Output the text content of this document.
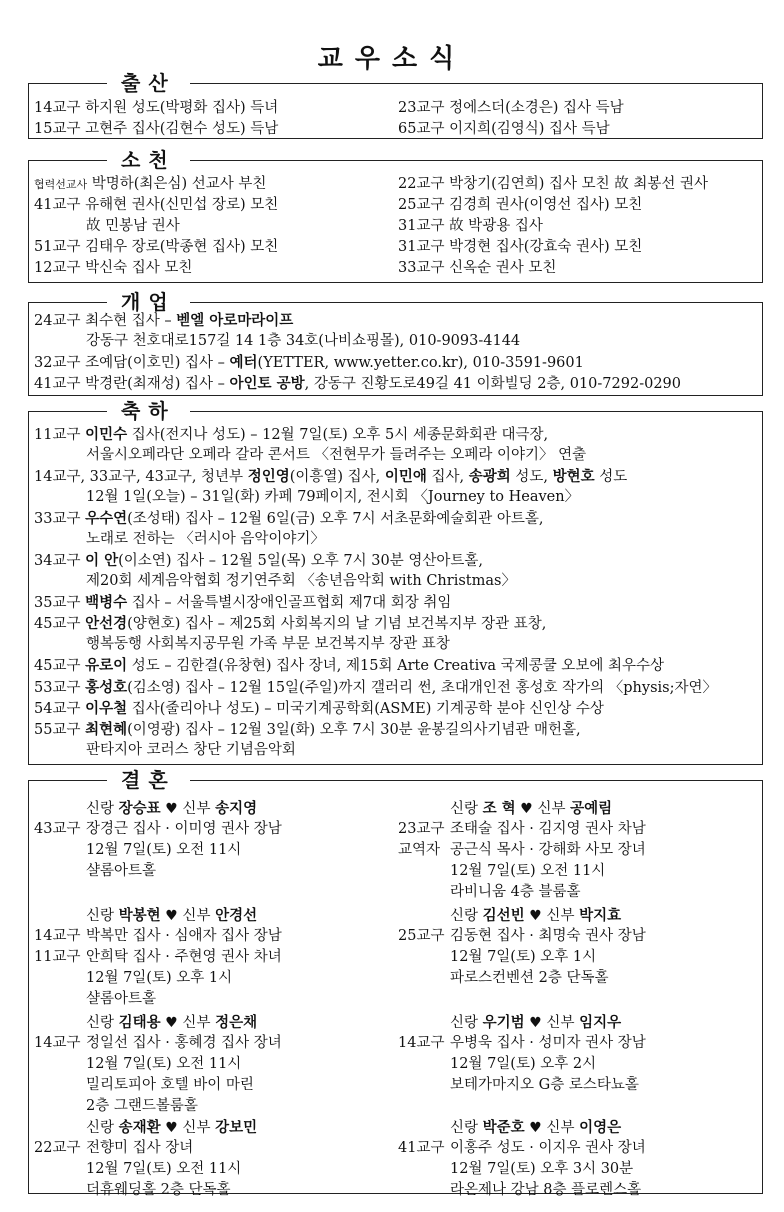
교우소식
출산
14교구 하지원 성도(박평화 집사) 득녀
15교구 고현주 집사(김현수 성도) 득남
23교구 정에스더(소경은) 집사 득남
65교구 이지희(김영식) 집사 득남
소천
협력선교사 박명하(최은심) 선교사 부친
41교구 유해현 권사(신민섭 장로) 모친
故 민봉남 권사
51교구 김태우 장로(박종현 집사) 모친
12교구 박신숙 집사 모친
22교구 박창기(김연희) 집사 모친 故 최봉선 권사
25교구 김경희 권사(이영선 집사) 모친
31교구 故 박광용 집사
31교구 박경현 집사(강효숙 권사) 모친
33교구 신옥순 권사 모친
개업
24교구 최수현 집사 – 벧엘 아로마라이프
강동구 천호대로157길 14 1층 34호(나비쇼핑몰), 010-9093-4144
32교구 조예담(이호민) 집사 – 예터(YETTER, www.yetter.co.kr), 010-3591-9601
41교구 박경란(최재성) 집사 – 아인토 공방, 강동구 진황도로49길 41 이화빌딩 2층, 010-7292-0290
축하
11교구 이민수 집사(전지나 성도) – 12월 7일(토) 오후 5시 세종문화회관 대극장,
서울시오페라단 오페라 갈라 콘서트 〈전현무가 들려주는 오페라 이야기〉 연출
14교구, 33교구, 43교구, 청년부 정인영(이흥열) 집사, 이민애 집사, 송광희 성도, 방현호 성도
12월 1일(오늘) – 31일(화) 카페 79페이지, 전시회 〈Journey to Heaven〉
33교구 우수연(조성태) 집사 – 12월 6일(금) 오후 7시 서초문화예술회관 아트홀,
노래로 전하는 〈러시아 음악이야기〉
34교구 이 안(이소연) 집사 – 12월 5일(목) 오후 7시 30분 영산아트홀,
제20회 세계음악협회 정기연주회 〈송년음악회 with Christmas〉
35교구 백병수 집사 – 서울특별시장애인골프협회 제7대 회장 취임
45교구 안선경(양현호) 집사 – 제25회 사회복지의 날 기념 보건복지부 장관 표창,
행복동행 사회복지공무원 가족 부문 보건복지부 장관 표창
45교구 유로이 성도 – 김한결(유창현) 집사 장녀, 제15회 Arte Creativa 국제콩쿨 오보에 최우수상
53교구 홍성호(김소영) 집사 – 12월 15일(주일)까지 갤러리 썬, 초대개인전 홍성호 작가의 〈physis;자연〉
54교구 이우철 집사(줄리아나 성도) – 미국기계공학회(ASME) 기계공학 분야 신인상 수상
55교구 최현혜(이영광) 집사 – 12월 3일(화) 오후 7시 30분 윤봉길의사기념관 매헌홀,
판타지아 코러스 창단 기념음악회
결혼
신랑 장승표 ♥ 신부 송지영
43교구 장경근 집사 · 이미영 권사 장남
12월 7일(토) 오전 11시
샬롬아트홀
신랑 조 혁 ♥ 신부 공예림
23교구
교역자
조태술 집사 · 김지영 권사 차남
공근식 목사 · 강해화 사모 장녀
12월 7일(토) 오전 11시
라비니움 4층 블룸홀
신랑 박봉현 ♥ 신부 안경선
14교구
11교구
박복만 집사 · 심애자 집사 장남
안희탁 집사 · 주현영 권사 차녀
12월 7일(토) 오후 1시
샬롬아트홀
신랑 김선빈 ♥ 신부 박지효
25교구 김동현 집사 · 최명숙 권사 장남
12월 7일(토) 오후 1시
파로스컨벤션 2층 단독홀
신랑 김태용 ♥ 신부 정은채
14교구 정일선 집사 · 홍혜경 집사 장녀
12월 7일(토) 오전 11시
밀리토피아 호텔 바이 마린
2층 그랜드볼룸홀
신랑 우기범 ♥ 신부 임지우
14교구 우병욱 집사 · 성미자 권사 장남
12월 7일(토) 오후 2시
보테가마지오 G층 로스타뇨홀
신랑 송재환 ♥ 신부 강보민
22교구 전향미 집사 장녀
12월 7일(토) 오전 11시
더휴웨딩홀 2층 단독홀
신랑 박준호 ♥ 신부 이영은
41교구 이홍주 성도 · 이지우 권사 장녀
12월 7일(토) 오후 3시 30분
라온제나 강남 8층 플로렌스홀
